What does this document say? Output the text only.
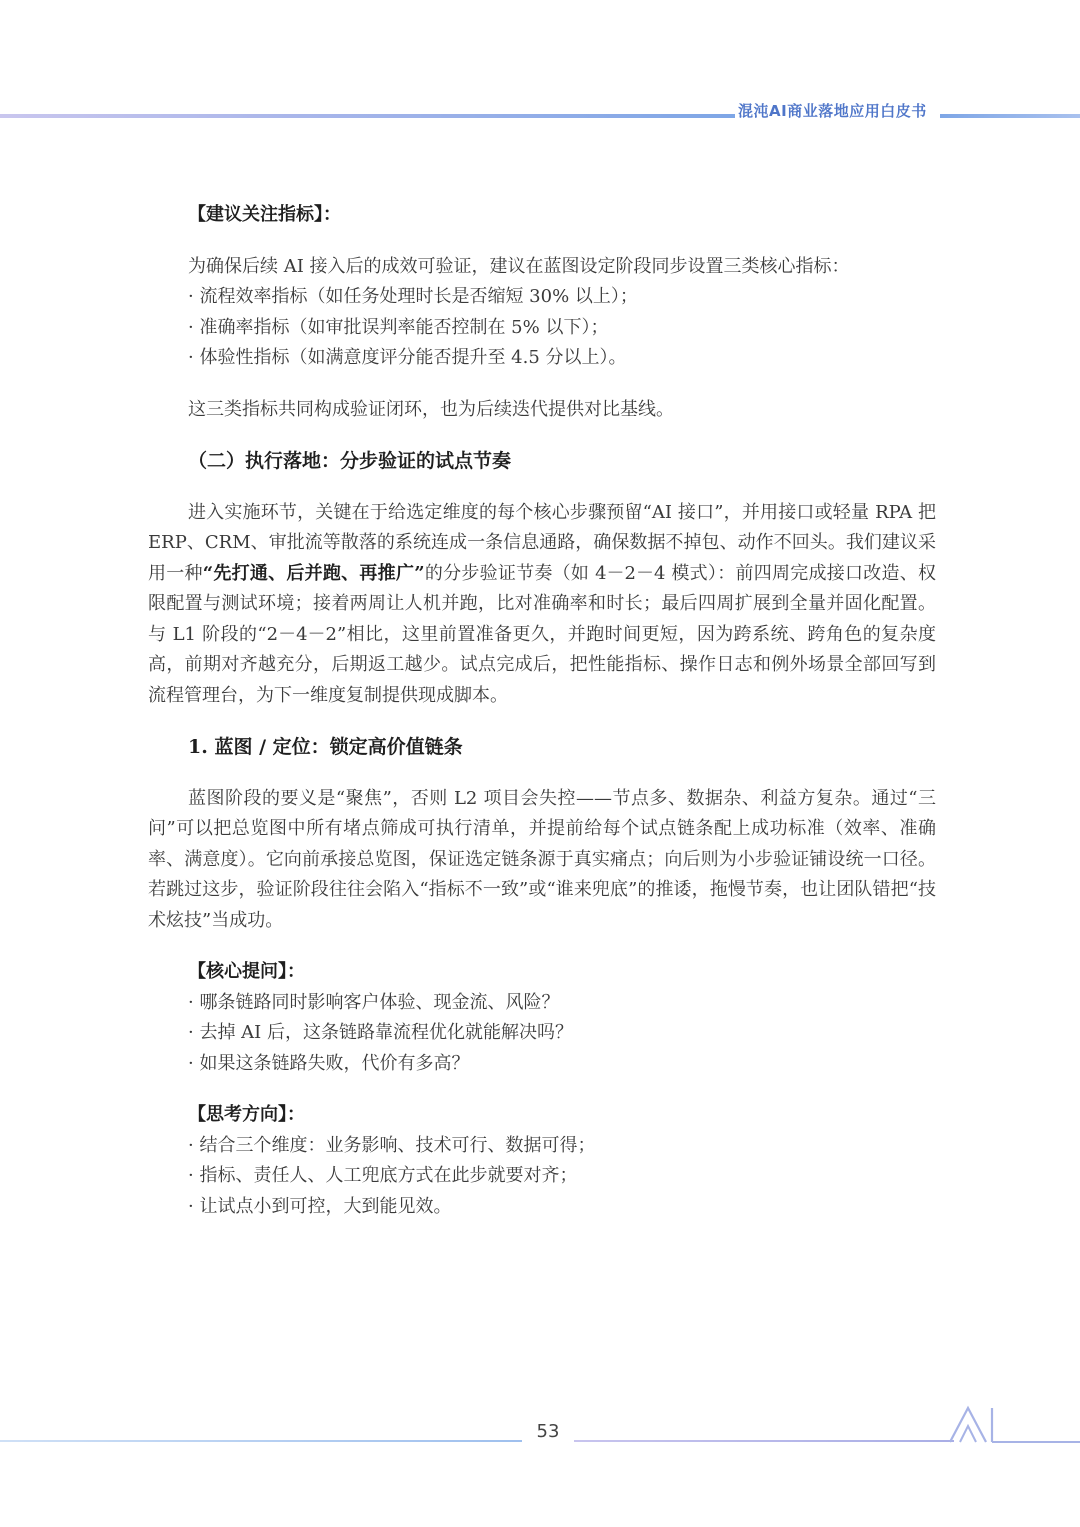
混沌AI商业落地应用白皮书

【建议关注指标】：

为确保后续 AI 接入后的成效可验证，建议在蓝图设定阶段同步设置三类核心指标：

· 流程效率指标（如任务处理时长是否缩短 30% 以上）；

· 准确率指标（如审批误判率能否控制在 5% 以下）；

· 体验性指标（如满意度评分能否提升至 4.5 分以上）。

这三类指标共同构成验证闭环，也为后续迭代提供对比基线。

（二）执行落地：分步验证的试点节奏

进入实施环节，关键在于给选定维度的每个核心步骤预留“AI 接口”，并用接口或轻量 RPA 把 ERP、CRM、审批流等散落的系统连成一条信息通路，确保数据不掉包、动作不回头。我们建议采用一种“先打通、后并跑、再推广”的分步验证节奏（如 4－2－4 模式）：前四周完成接口改造、权限配置与测试环境；接着两周让人机并跑，比对准确率和时长；最后四周扩展到全量并固化配置。与 L1 阶段的“2－4－2”相比，这里前置准备更久，并跑时间更短，因为跨系统、跨角色的复杂度高，前期对齐越充分，后期返工越少。试点完成后，把性能指标、操作日志和例外场景全部回写到流程管理台，为下一维度复制提供现成脚本。

1. 蓝图 / 定位：锁定高价值链条

蓝图阶段的要义是“聚焦”，否则 L2 项目会失控——节点多、数据杂、利益方复杂。通过“三问”可以把总览图中所有堵点筛成可执行清单，并提前给每个试点链条配上成功标准（效率、准确率、满意度）。它向前承接总览图，保证选定链条源于真实痛点；向后则为小步验证铺设统一口径。若跳过这步，验证阶段往往会陷入“指标不一致”或“谁来兜底”的推诿，拖慢节奏，也让团队错把“技术炫技”当成功。

【核心提问】：

· 哪条链路同时影响客户体验、现金流、风险？

· 去掉 AI 后，这条链路靠流程优化就能解决吗？

· 如果这条链路失败，代价有多高？

【思考方向】：

· 结合三个维度：业务影响、技术可行、数据可得；

· 指标、责任人、人工兜底方式在此步就要对齐；

· 让试点小到可控，大到能见效。

53	AI
